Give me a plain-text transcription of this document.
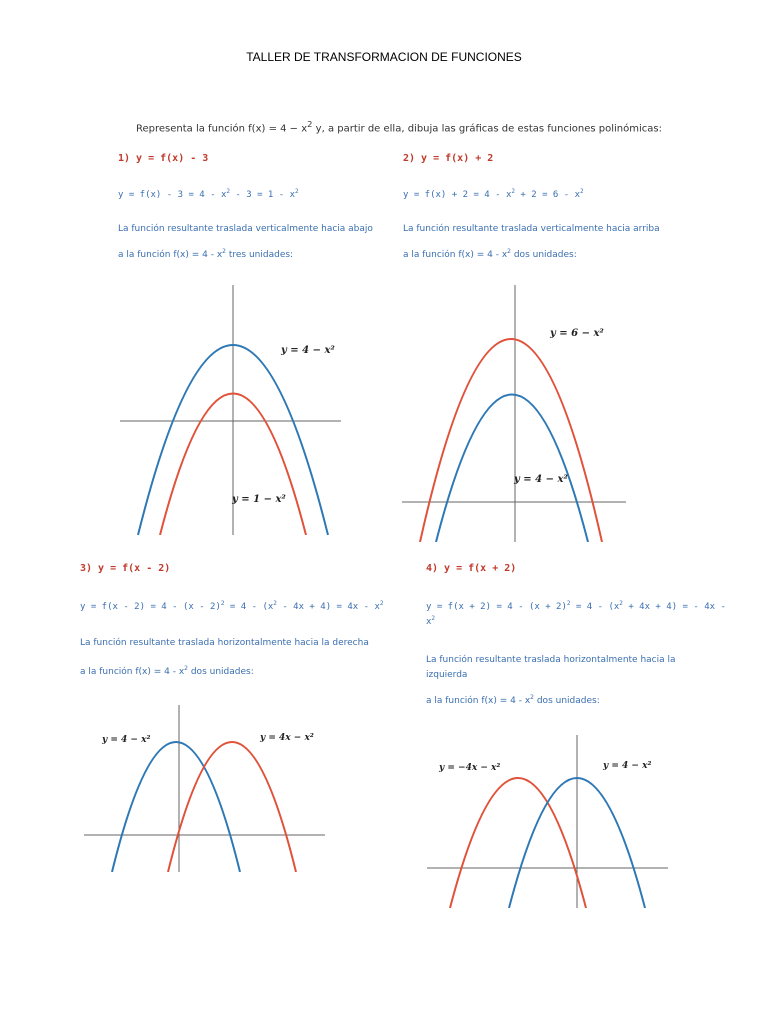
TALLER DE TRANSFORMACION DE FUNCIONES
Representa la función $f(x) = 4 - x^2$ y, a partir de ella, dibuja las gráficas de estas funciones polinómicas:
1) y = f(x) - 3
$y = f(x) - 3 = 4 - x^2 - 3 = 1 - x^2$
La función resultante traslada verticalmente hacia abajo
a la función $f(x) = 4 - x^2$ tres unidades:
2) y = f(x) + 2
$y = f(x) + 2 = 4 - x^2 + 2 = 6 - x^2$
La función resultante traslada verticalmente hacia arriba
a la función $f(x) = 4 - x^2$ dos unidades:
3) y = f(x - 2)
$y = f(x - 2) = 4 - (x - 2)^2 = 4 - (x^2 - 4x + 4) = 4x - x^2$
La función resultante traslada horizontalmente hacia la derecha
a la función $f(x) = 4 - x^2$ dos unidades:
4) y = f(x + 2)
$y = f(x + 2) = 4 - (x + 2)^2 = 4 - (x^2 + 4x + 4)$ = - 4x -
$x^2$
La función resultante traslada horizontalmente hacia la
izquierda
a la función $f(x) = 4 - x^2$ dos unidades:
y = 4 − x²
y = 1 − x²
y = 6 − x²
y = 4 − x²
y = 4 − x²	y = 4x − x²
y = −4x − x²	y = 4 − x²
